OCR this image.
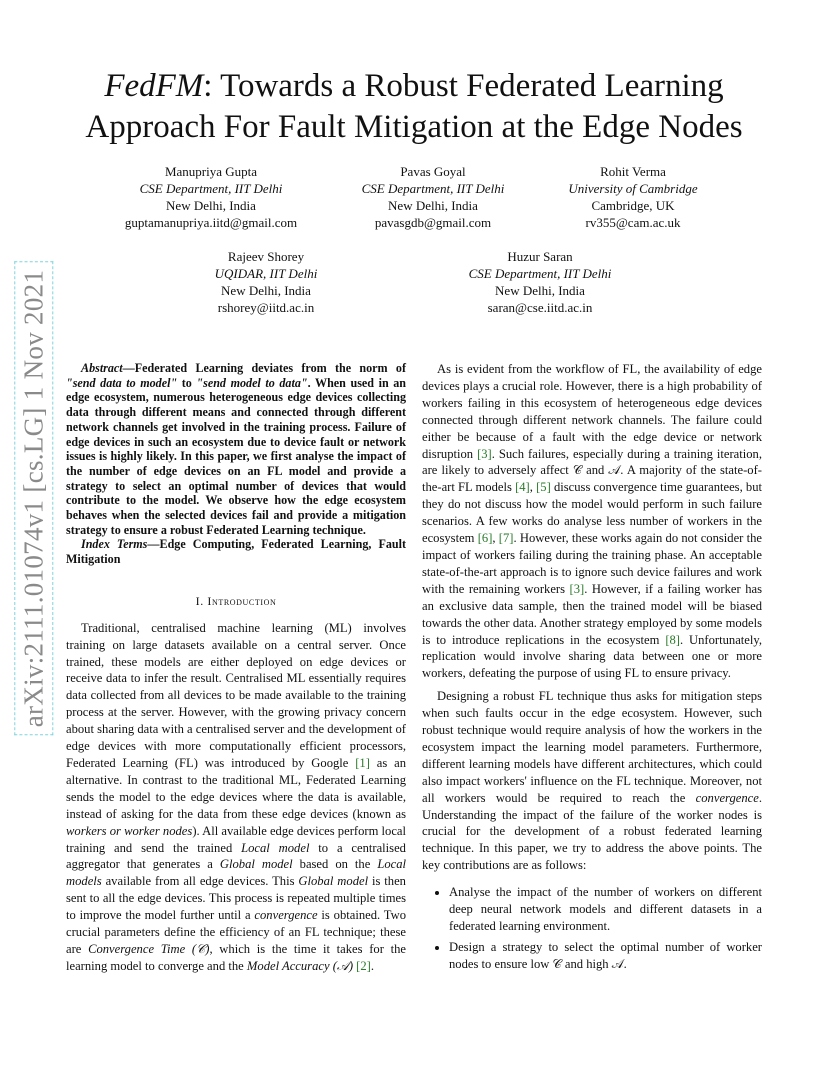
arXiv:2111.01074v1 [cs.LG] 1 Nov 2021
FedFM: Towards a Robust Federated Learning Approach For Fault Mitigation at the Edge Nodes
Manupriya Gupta
CSE Department, IIT Delhi
New Delhi, India
guptamanupriya.iitd@gmail.com
Pavas Goyal
CSE Department, IIT Delhi
New Delhi, India
pavasgdb@gmail.com
Rohit Verma
University of Cambridge
Cambridge, UK
rv355@cam.ac.uk
Rajeev Shorey
UQIDAR, IIT Delhi
New Delhi, India
rshorey@iitd.ac.in
Huzur Saran
CSE Department, IIT Delhi
New Delhi, India
saran@cse.iitd.ac.in

Abstract—Federated Learning deviates from the norm of "send data to model" to "send model to data". When used in an edge ecosystem, numerous heterogeneous edge devices collecting data through different means and connected through different network channels get involved in the training process. Failure of edge devices in such an ecosystem due to device fault or network issues is highly likely. In this paper, we first analyse the impact of the number of edge devices on an FL model and provide a strategy to select an optimal number of devices that would contribute to the model. We observe how the edge ecosystem behaves when the selected devices fail and provide a mitigation strategy to ensure a robust Federated Learning technique.

Index Terms—Edge Computing, Federated Learning, Fault Mitigation

I. Introduction

Traditional, centralised machine learning (ML) involves training on large datasets available on a central server. Once trained, these models are either deployed on edge devices or receive data to infer the result. Centralised ML essentially requires data collected from all devices to be made available to the training process at the server. However, with the growing privacy concern about sharing data with a centralised server and the development of edge devices with more computationally efficient processors, Federated Learning (FL) was introduced by Google [1] as an alternative. In contrast to the traditional ML, Federated Learning sends the model to the edge devices where the data is available, instead of asking for the data from these edge devices (known as workers or worker nodes). All available edge devices perform local training and send the trained Local model to a centralised aggregator that generates a Global model based on the Local models available from all edge devices. This Global model is then sent to all the edge devices. This process is repeated multiple times to improve the model further until a convergence is obtained. Two crucial parameters define the efficiency of an FL technique; these are Convergence Time (𝒞), which is the time it takes for the learning model to converge and the Model Accuracy (𝒜) [2].

As is evident from the workflow of FL, the availability of edge devices plays a crucial role. However, there is a high probability of workers failing in this ecosystem of heterogeneous edge devices connected through different network channels. The failure could either be because of a fault with the edge device or network disruption [3]. Such failures, especially during a training iteration, are likely to adversely affect 𝒞 and 𝒜. A majority of the state-of-the-art FL models [4], [5] discuss convergence time guarantees, but they do not discuss how the model would perform in such failure scenarios. A few works do analyse less number of workers in the ecosystem [6], [7]. However, these works again do not consider the impact of workers failing during the training phase. An acceptable state-of-the-art approach is to ignore such device failures and work with the remaining workers [3]. However, if a failing worker has an exclusive data sample, then the trained model will be biased towards the other data. Another strategy employed by some models is to introduce replications in the ecosystem [8]. Unfortunately, replication would involve sharing data between one or more workers, defeating the purpose of using FL to ensure privacy.

Designing a robust FL technique thus asks for mitigation steps when such faults occur in the edge ecosystem. However, such robust technique would require analysis of how the workers in the ecosystem impact the learning model parameters. Furthermore, different learning models have different architectures, which could also impact workers' influence on the FL technique. Moreover, not all workers would be required to reach the convergence. Understanding the impact of the failure of the worker nodes is crucial for the development of a robust federated learning technique. In this paper, we try to address the above points. The key contributions are as follows:

• Analyse the impact of the number of workers on different deep neural network models and different datasets in a federated learning environment.
• Design a strategy to select the optimal number of worker nodes to ensure low 𝒞 and high 𝒜.
